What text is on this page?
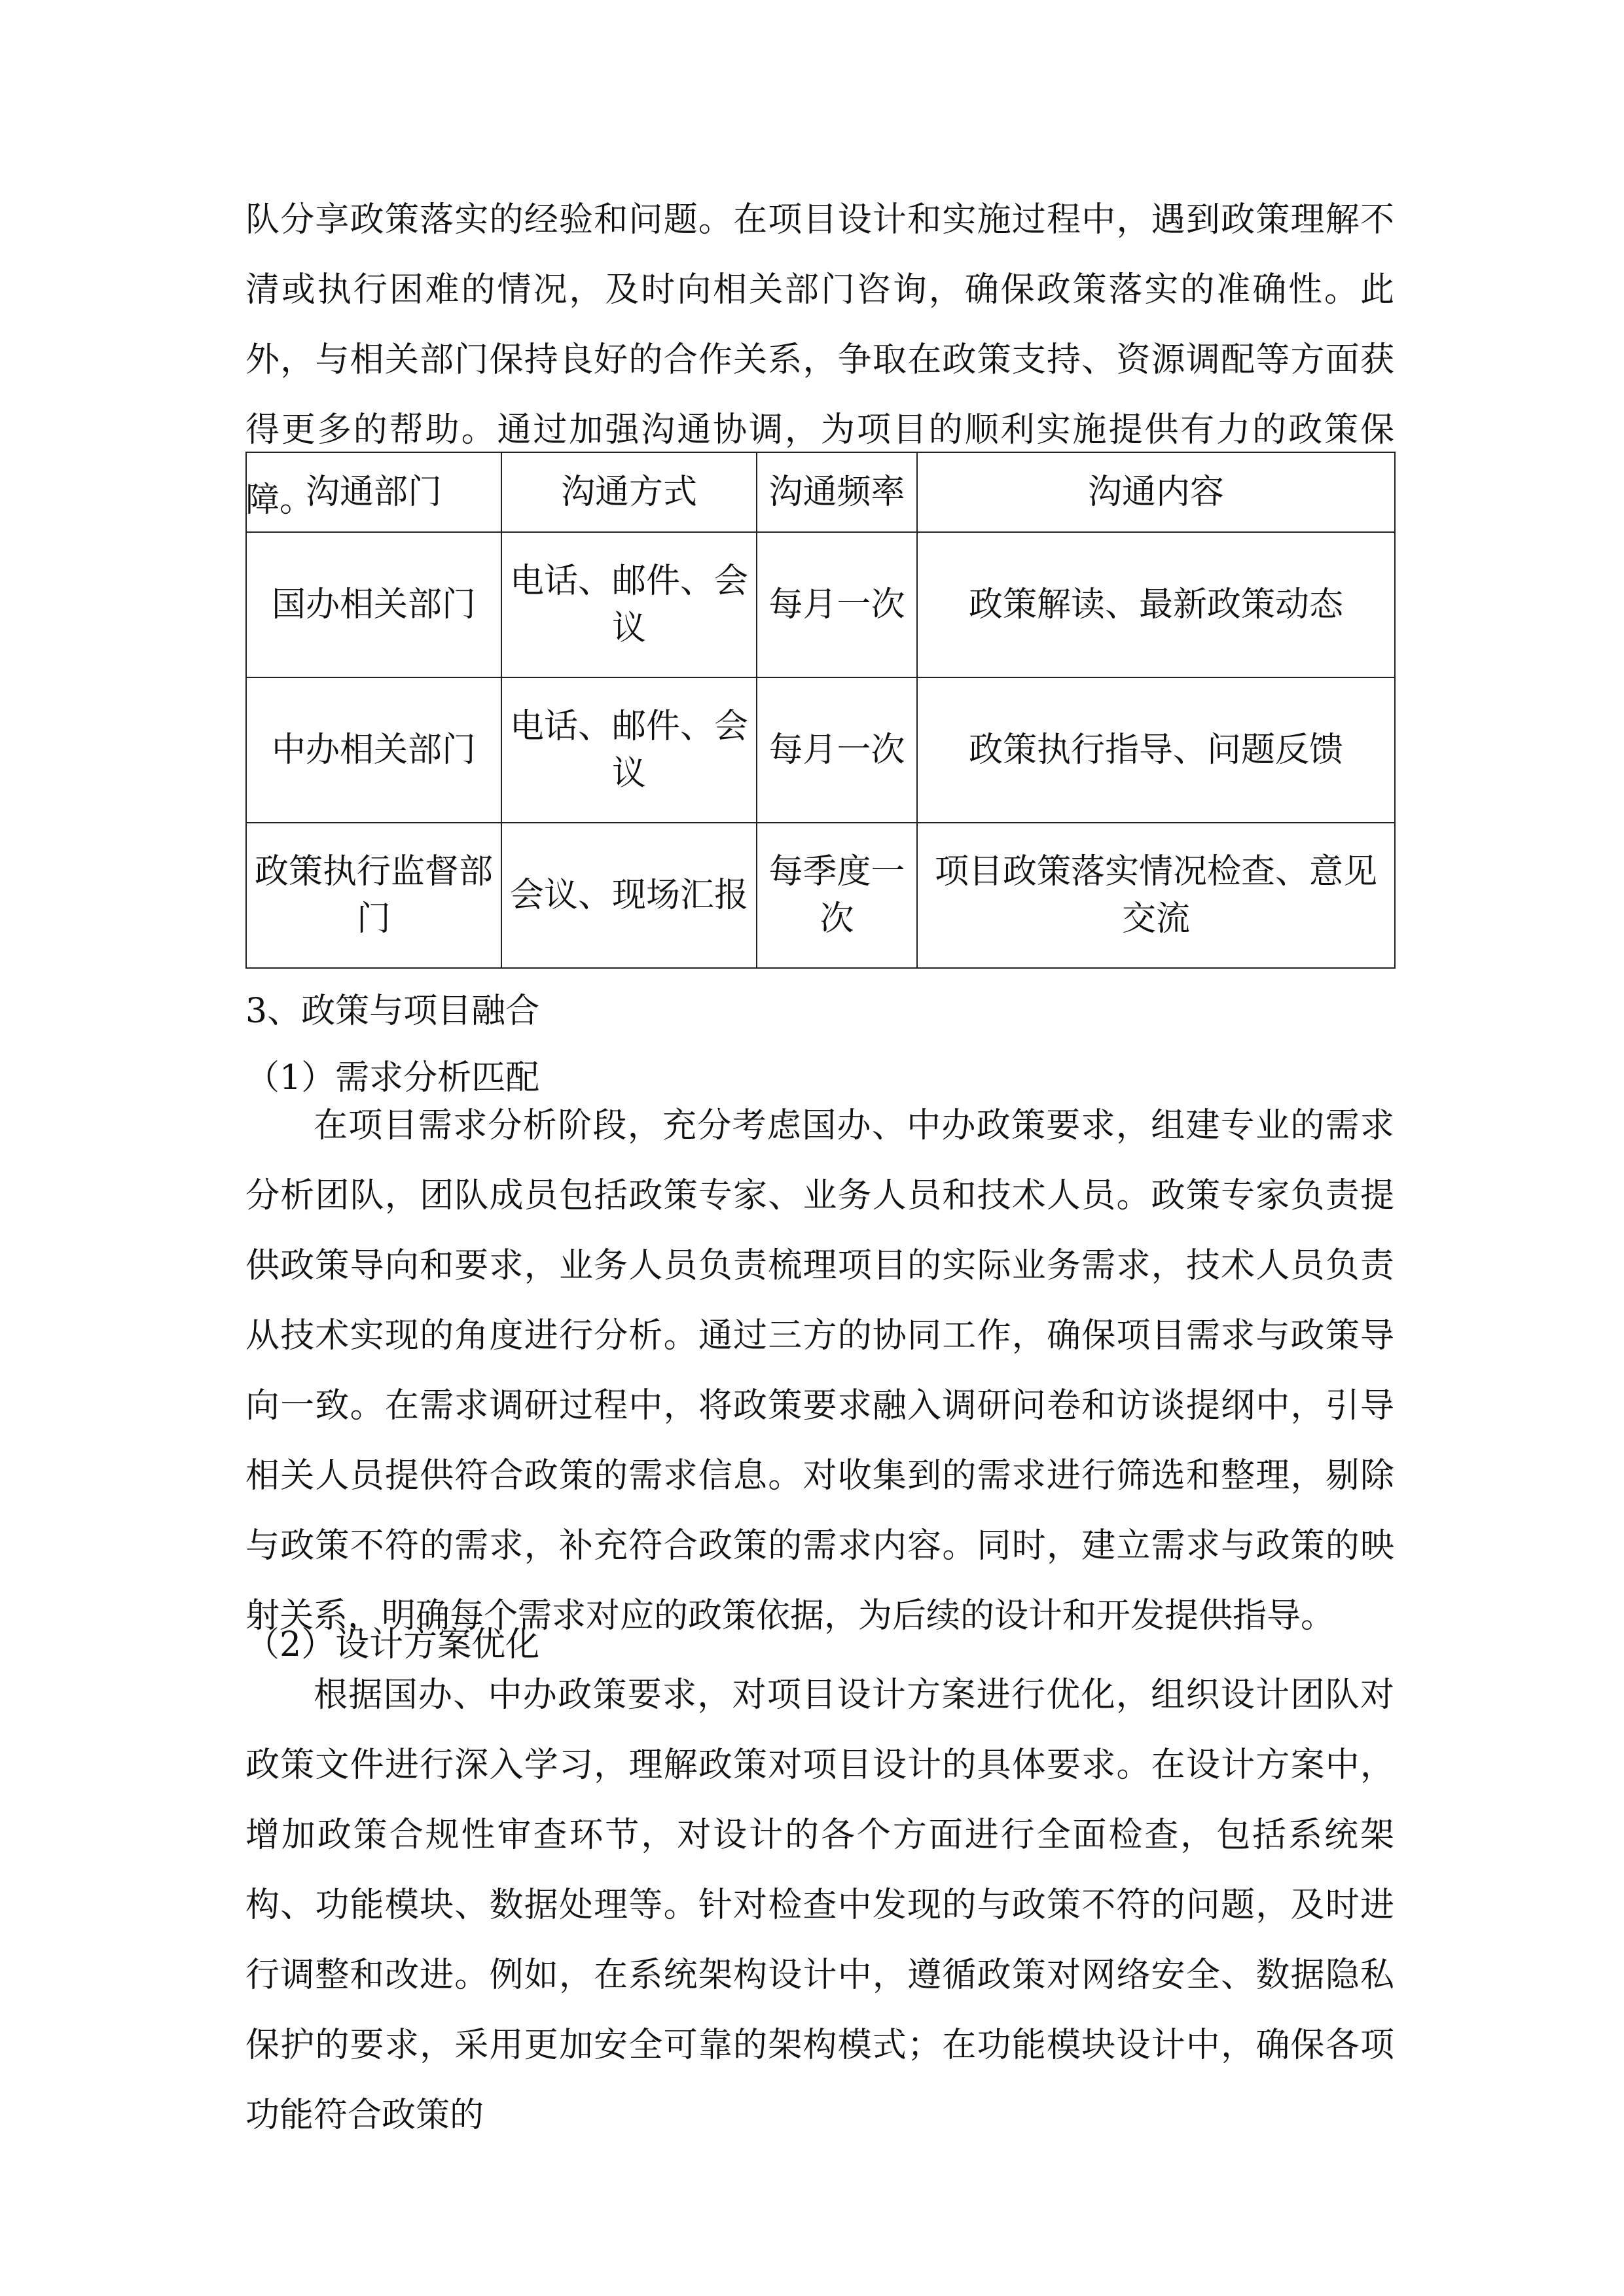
队分享政策落实的经验和问题。在项目设计和实施过程中，遇到政策理解不清或执行困难的情况，及时向相关部门咨询，确保政策落实的准确性。此外，与相关部门保持良好的合作关系，争取在政策支持、资源调配等方面获得更多的帮助。通过加强沟通协调，为项目的顺利实施提供有力的政策保障。

沟通部门	沟通方式	沟通频率	沟通内容
国办相关部门	电话、邮件、会议	每月一次	政策解读、最新政策动态
中办相关部门	电话、邮件、会议	每月一次	政策执行指导、问题反馈
政策执行监督部门	会议、现场汇报	每季度一次	项目政策落实情况检查、意见交流

3、政策与项目融合

（1）需求分析匹配

在项目需求分析阶段，充分考虑国办、中办政策要求，组建专业的需求分析团队，团队成员包括政策专家、业务人员和技术人员。政策专家负责提供政策导向和要求，业务人员负责梳理项目的实际业务需求，技术人员负责从技术实现的角度进行分析。通过三方的协同工作，确保项目需求与政策导向一致。在需求调研过程中，将政策要求融入调研问卷和访谈提纲中，引导相关人员提供符合政策的需求信息。对收集到的需求进行筛选和整理，剔除与政策不符的需求，补充符合政策的需求内容。同时，建立需求与政策的映射关系，明确每个需求对应的政策依据，为后续的设计和开发提供指导。

（2）设计方案优化

根据国办、中办政策要求，对项目设计方案进行优化，组织设计团队对政策文件进行深入学习，理解政策对项目设计的具体要求。在设计方案中，增加政策合规性审查环节，对设计的各个方面进行全面检查，包括系统架构、功能模块、数据处理等。针对检查中发现的与政策不符的问题，及时进行调整和改进。例如，在系统架构设计中，遵循政策对网络安全、数据隐私保护的要求，采用更加安全可靠的架构模式；在功能模块设计中，确保各项功能符合政策的
